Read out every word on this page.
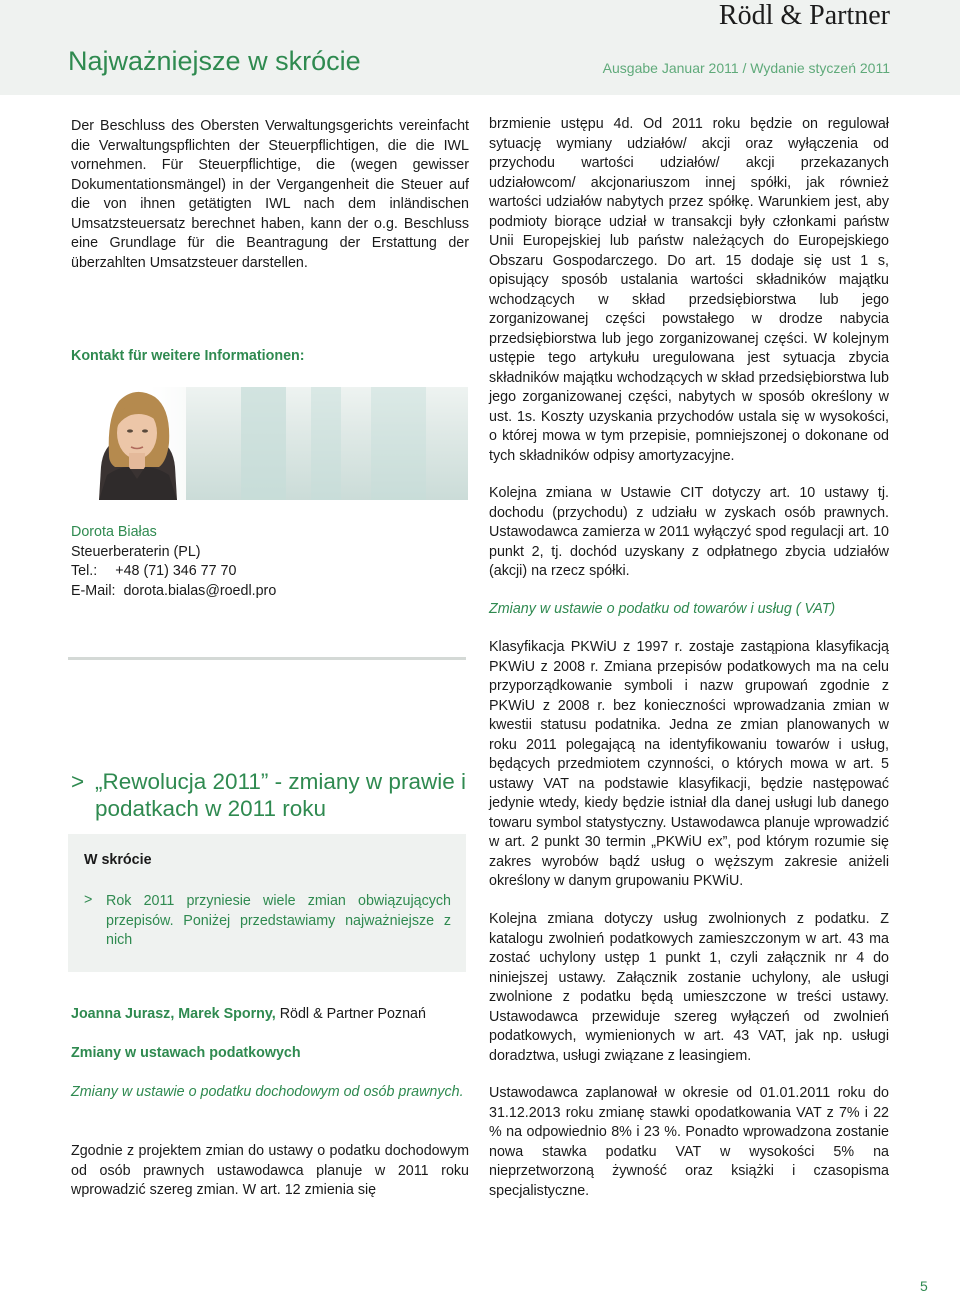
Rödl & Partner
Najważniejsze w skrócie	Ausgabe Januar 2011 / Wydanie styczeń 2011

Der Beschluss des Obersten Verwaltungsgerichts vereinfacht die Verwaltungspflichten der Steuerpflichtigen, die die IWL vornehmen. Für Steuerpflichtige, die (wegen gewisser Dokumentationsmängel) in der Vergangenheit die Steuer auf die von ihnen getätigten IWL nach dem inländischen Umsatzsteuersatz berechnet haben, kann der o.g. Beschluss eine Grundlage für die Beantragung der Erstattung der überzahlten Umsatzsteuer darstellen.

Kontakt für weitere Informationen:
Dorota Białas
Steuerberaterin (PL)
Tel.: +48 (71) 346 77 70
E-Mail: dorota.bialas@roedl.pro
> „Rewolucja 2011” - zmiany w prawie i podatkach w 2011 roku
W skrócie
> Rok 2011 przyniesie wiele zmian obwiązujących przepisów. Poniżej przedstawiamy najważniejsze z nich
Joanna Jurasz, Marek Sporny, Rödl & Partner Poznań
Zmiany w ustawach podatkowych

Zmiany w ustawie o podatku dochodowym od osób prawnych.

Zgodnie z projektem zmian do ustawy o podatku dochodowym od osób prawnych ustawodawca planuje w 2011 roku wprowadzić szereg zmian. W art. 12 zmienia się

brzmienie ustępu 4d. Od 2011 roku będzie on regulował sytuację wymiany udziałów/ akcji oraz wyłączenia od przychodu wartości udziałów/ akcji przekazanych udziałowcom/ akcjonariuszom innej spółki, jak również wartości udziałów nabytych przez spółkę. Warunkiem jest, aby podmioty biorące udział w transakcji były członkami państw Unii Europejskiej lub państw należących do Europejskiego Obszaru Gospodarczego. Do art. 15 dodaje się ust 1 s, opisujący sposób ustalania wartości składników majątku wchodzących w skład przedsiębiorstwa lub jego zorganizowanej części powstałego w drodze nabycia przedsiębiorstwa lub jego zorganizowanej części. W kolejnym ustępie tego artykułu uregulowana jest sytuacja zbycia składników majątku wchodzących w skład przedsiębiorstwa lub jego zorganizowanej części, nabytych w sposób określony w ust. 1s. Koszty uzyskania przychodów ustala się w wysokości, o której mowa w tym przepisie, pomniejszonej o dokonane od tych składników odpisy amortyzacyjne.

Kolejna zmiana w Ustawie CIT dotyczy art. 10 ustawy tj. dochodu (przychodu) z udziału w zyskach osób prawnych. Ustawodawca zamierza w 2011 wyłączyć spod regulacji art. 10 punkt 2, tj. dochód uzyskany z odpłatnego zbycia udziałów (akcji) na rzecz spółki.

Zmiany w ustawie o podatku od towarów i usług ( VAT)

Klasyfikacja PKWiU z 1997 r. zostaje zastąpiona klasyfikacją PKWiU z 2008 r. Zmiana przepisów podatkowych ma na celu przyporządkowanie symboli i nazw grupowań zgodnie z PKWiU z 2008 r. bez konieczności wprowadzania zmian w kwestii statusu podatnika. Jedna ze zmian planowanych w roku 2011 polegającą na identyfikowaniu towarów i usług, będących przedmiotem czynności, o których mowa w art. 5 ustawy VAT na podstawie klasyfikacji, będzie następować jedynie wtedy, kiedy będzie istniał dla danej usługi lub danego towaru symbol statystyczny. Ustawodawca planuje wprowadzić w art. 2 punkt 30 termin „PKWiU ex”, pod którym rozumie się zakres wyrobów bądź usług o węższym zakresie aniżeli określony w danym grupowaniu PKWiU.

Kolejna zmiana dotyczy usług zwolnionych z podatku. Z katalogu zwolnień podatkowych zamieszczonym w art. 43 ma zostać uchylony ustęp 1 punkt 1, czyli załącznik nr 4 do niniejszej ustawy. Załącznik zostanie uchylony, ale usługi zwolnione z podatku będą umieszczone w treści ustawy. Ustawodawca przewiduje szereg wyłączeń od zwolnień podatkowych, wymienionych w art. 43 VAT, jak np. usługi doradztwa, usługi związane z leasingiem.

Ustawodawca zaplanował w okresie od 01.01.2011 roku do 31.12.2013 roku zmianę stawki opodatkowania VAT z 7% i 22 % na odpowiednio 8% i 23 %. Ponadto wprowadzona zostanie nowa stawka podatku VAT w wysokości 5% na nieprzetworzoną żywność oraz książki i czasopisma specjalistyczne.

5
